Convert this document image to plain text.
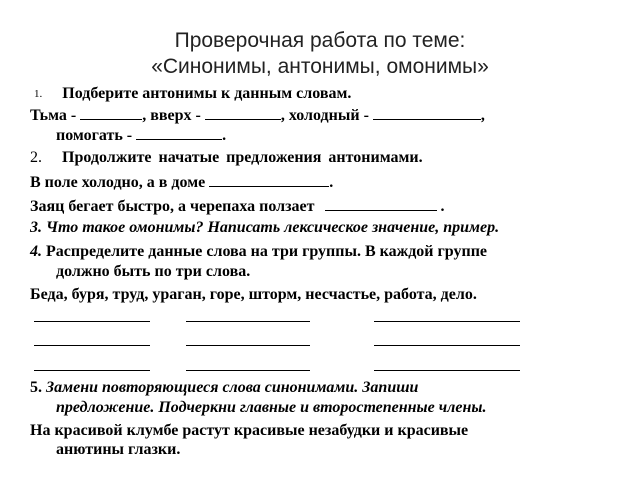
Проверочная работа по теме:
«Синонимы, антонимы, омонимы»
1. Подберите антонимы к данным словам.
Тьма -	, вверх -	, холодный -	,
помогать -	.
2. Продолжите начатые предложения антонимами.
В поле холодно, а в доме	.
Заяц бегает быстро, а черепаха ползает	.
3. Что такое омонимы? Написать лексическое значение, пример.
4. Распределите данные слова на три группы. В каждой группе
должно быть по три слова.
Беда, буря, труд, ураган, горе, шторм, несчастье, работа, дело.
5. Замени повторяющиеся слова синонимами. Запиши
предложение. Подчеркни главные и второстепенные члены.
На красивой клумбе растут красивые незабудки и красивые
анютины глазки.
